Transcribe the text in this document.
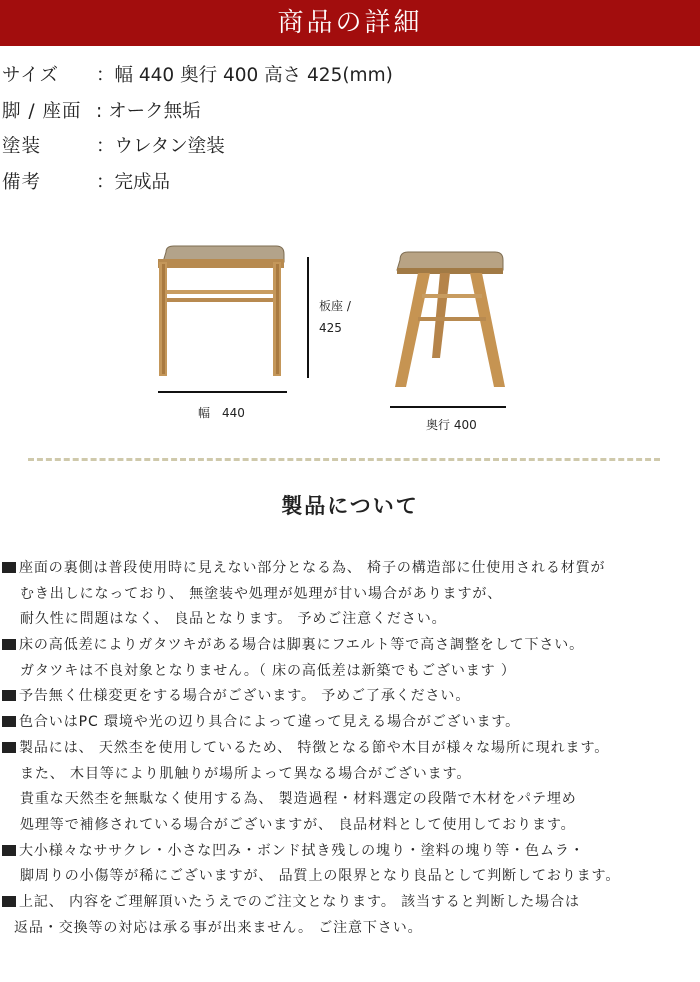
商品の詳細
サイズ ：幅 440 奥行 400 高さ 425(mm)
脚 / 座面 : オーク無垢
塗装	：ウレタン塗装
備考	：完成品
幅　440
板座 /
425
奥行 400
製品について
座面の裏側は普段使用時に見えない部分となる為、 椅子の構造部に仕使用される材質が
むき出しになっており、 無塗装や処理が処理が甘い場合がありますが、
耐久性に問題はなく、 良品となります。 予めご注意ください。
床の高低差によりガタツキがある場合は脚裏にフエルト等で高さ調整をして下さい。
ガタツキは不良対象となりません。（ 床の高低差は新築でもございます ）
予告無く仕様変更をする場合がございます。 予めご了承ください。
色合いはPC 環境や光の辺り具合によって違って見える場合がございます。
製品には、 天然杢を使用しているため、 特徴となる節や木目が様々な場所に現れます。
また、 木目等により肌触りが場所よって異なる場合がございます。
貴重な天然杢を無駄なく使用する為、 製造過程・材料選定の段階で木材をパテ埋め
処理等で補修されている場合がございますが、 良品材料として使用しております。
大小様々なササクレ・小さな凹み・ボンド拭き残しの塊り・塗料の塊り等・色ムラ・
脚周りの小傷等が稀にございますが、 品質上の限界となり良品として判断しております。
上記、 内容をご理解頂いたうえでのご注文となります。 該当すると判断した場合は
返品・交換等の対応は承る事が出来ません。 ご注意下さい。
